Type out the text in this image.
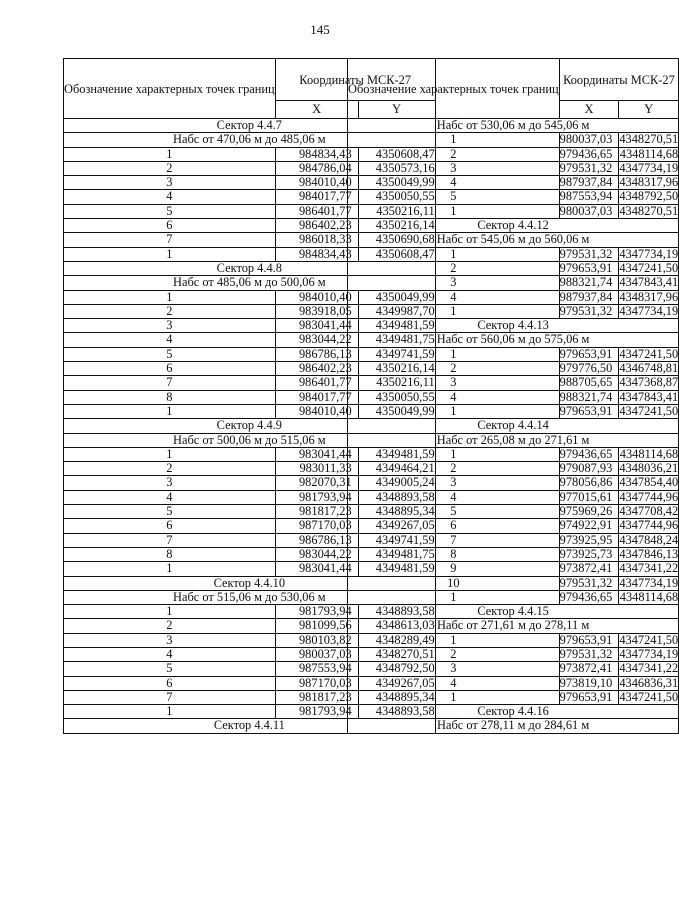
145
Обозначение характерных точек границ	Координаты МСК-27	
	X	Y
Сектор 4.4.7		
Набс от 470,06 м до 485,06 м		
1	984834,43	4350608,47
2	984786,04	4350573,16
3	984010,40	4350049,99
4	984017,77	4350050,55
5	986401,77	4350216,11
6	986402,23	4350216,14
7	986018,33	4350690,68
1	984834,43	4350608,47
Сектор 4.4.8		
Набс от 485,06 м до 500,06 м		
1	984010,40	4350049,99
2	983918,05	4349987,70
3	983041,44	4349481,59
4	983044,22	4349481,75
5	986786,13	4349741,59
6	986402,23	4350216,14
7	986401,77	4350216,11
8	984017,77	4350050,55
1	984010,40	4350049,99
Сектор 4.4.9		
Набс от 500,06 м до 515,06 м		
1	983041,44	4349481,59
2	983011,33	4349464,21
3	982070,31	4349005,24
4	981793,94	4348893,58
5	981817,23	4348895,34
6	987170,03	4349267,05
7	986786,13	4349741,59
8	983044,22	4349481,75
1	983041,44	4349481,59
Сектор 4.4.10		
Набс от 515,06 м до 530,06 м		
1	981793,94	4348893,58
2	981099,56	4348613,03
3	980103,82	4348289,49
4	980037,03	4348270,51
5	987553,94	4348792,50
6	987170,03	4349267,05
7	981817,23	4348895,34
1	981793,94	4348893,58
Сектор 4.4.11		
Обозначение характерных точек границ	Координаты МСК-27	
	X	Y
Набс от 530,06 м до 545,06 м		
1	980037,03	4348270,51
2	979436,65	4348114,68
3	979531,32	4347734,19
4	987937,84	4348317,96
5	987553,94	4348792,50
1	980037,03	4348270,51
Сектор 4.4.12		
Набс от 545,06 м до 560,06 м		
1	979531,32	4347734,19
2	979653,91	4347241,50
3	988321,74	4347843,41
4	987937,84	4348317,96
1	979531,32	4347734,19
Сектор 4.4.13		
Набс от 560,06 м до 575,06 м		
1	979653,91	4347241,50
2	979776,50	4346748,81
3	988705,65	4347368,87
4	988321,74	4347843,41
1	979653,91	4347241,50
Сектор 4.4.14		
Набс от 265,08 м до 271,61 м		
1	979436,65	4348114,68
2	979087,93	4348036,21
3	978056,86	4347854,40
4	977015,61	4347744,96
5	975969,26	4347708,42
6	974922,91	4347744,96
7	973925,95	4347848,24
8	973925,73	4347846,13
9	973872,41	4347341,22
10	979531,32	4347734,19
1	979436,65	4348114,68
Сектор 4.4.15		
Набс от 271,61 м до 278,11 м		
1	979653,91	4347241,50
2	979531,32	4347734,19
3	973872,41	4347341,22
4	973819,10	4346836,31
1	979653,91	4347241,50
Сектор 4.4.16		
Набс от 278,11 м до 284,61 м		
